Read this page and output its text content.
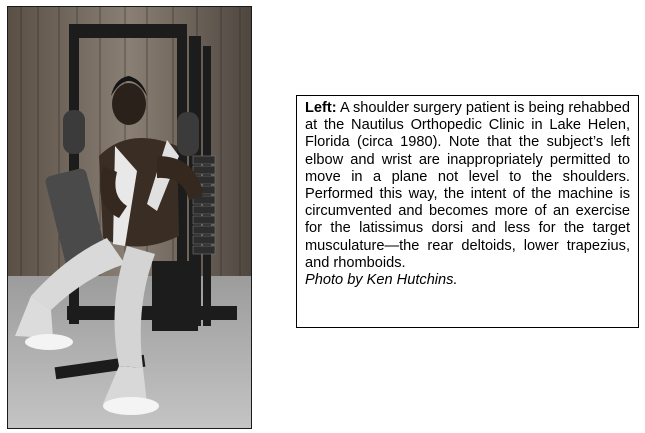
Left: A shoulder surgery patient is being rehabbed at the Nautilus Orthopedic Clinic in Lake Helen, Florida (circa 1980). Note that the subject’s left elbow and wrist are inappropriately permitted to move in a plane not level to the shoulders. Performed this way, the intent of the machine is circumvented and becomes more of an exercise for the latissimus dorsi and less for the target musculature—the rear deltoids, lower trapezius, and rhomboids.

Photo by Ken Hutchins.
